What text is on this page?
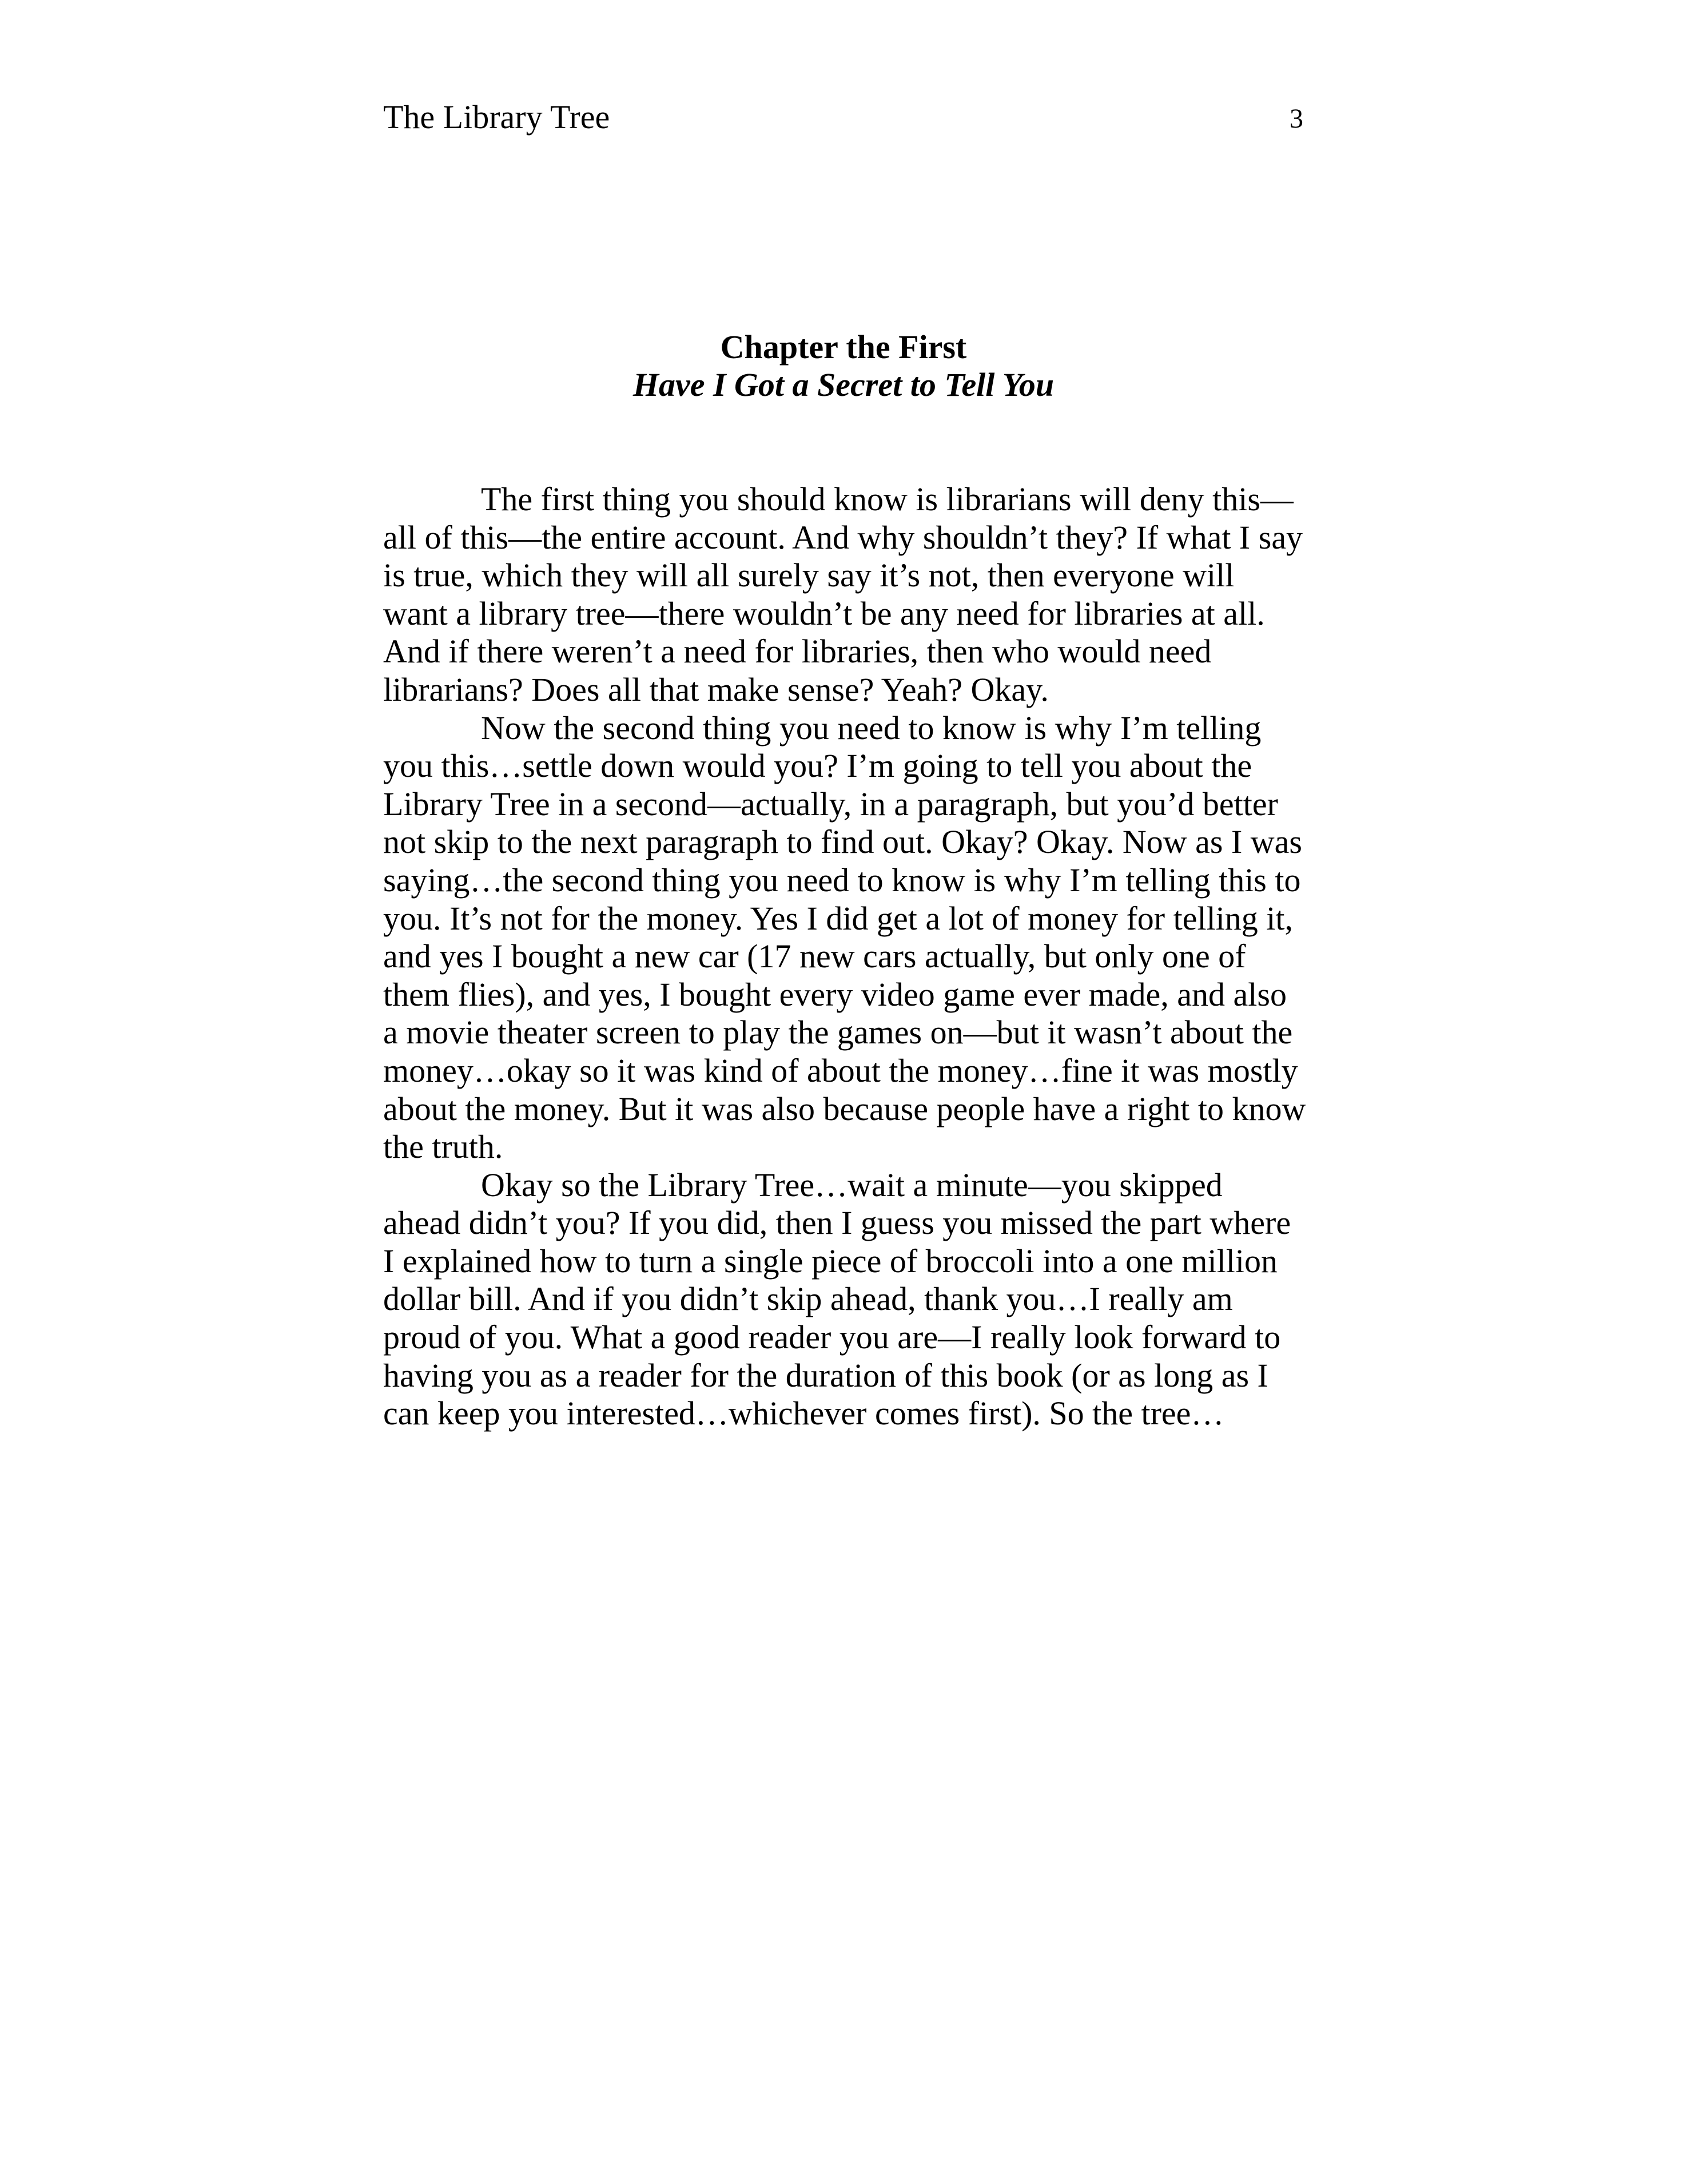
The Library Tree	3
Chapter the First
Have I Got a Secret to Tell You
The first thing you should know is librarians will deny this—
all of this—the entire account. And why shouldn’t they? If what I say
is true, which they will all surely say it’s not, then everyone will
want a library tree—there wouldn’t be any need for libraries at all.
And if there weren’t a need for libraries, then who would need
librarians? Does all that make sense? Yeah? Okay.
Now the second thing you need to know is why I’m telling
you this…settle down would you? I’m going to tell you about the
Library Tree in a second—actually, in a paragraph, but you’d better
not skip to the next paragraph to find out. Okay? Okay. Now as I was
saying…the second thing you need to know is why I’m telling this to
you. It’s not for the money. Yes I did get a lot of money for telling it,
and yes I bought a new car (17 new cars actually, but only one of
them flies), and yes, I bought every video game ever made, and also
a movie theater screen to play the games on—but it wasn’t about the
money…okay so it was kind of about the money…fine it was mostly
about the money. But it was also because people have a right to know
the truth.
Okay so the Library Tree…wait a minute—you skipped
ahead didn’t you? If you did, then I guess you missed the part where
I explained how to turn a single piece of broccoli into a one million
dollar bill. And if you didn’t skip ahead, thank you…I really am
proud of you. What a good reader you are—I really look forward to
having you as a reader for the duration of this book (or as long as I
can keep you interested…whichever comes first). So the tree…
